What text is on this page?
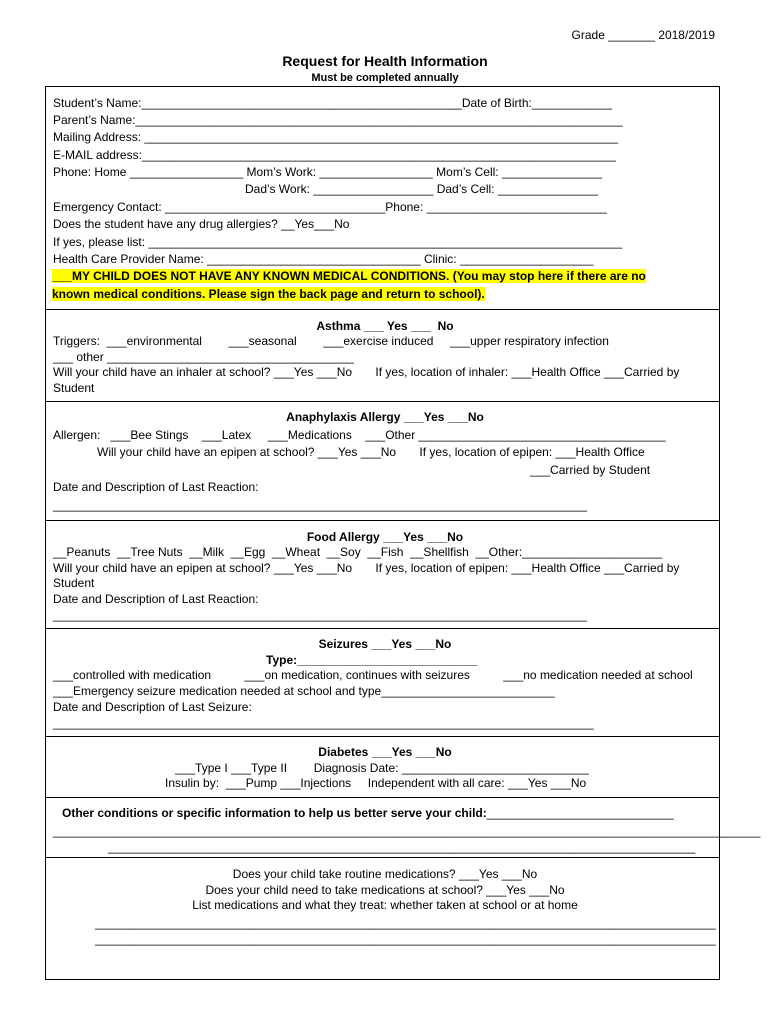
Grade _______ 2018/2019
Request for Health Information
Must be completed annually
Student’s Name:________________________________________________Date of Birth:____________
Parent’s Name:_________________________________________________________________________
Mailing Address: _______________________________________________________________________
E-MAIL address:_______________________________________________________________________
Phone: Home _________________ Mom’s Work: _________________ Mom’s Cell: _______________
Dad’s Work: __________________ Dad’s Cell: _______________
Emergency Contact: _________________________________Phone: ___________________________
Does the student have any drug allergies? __Yes___No
If yes, please list: _______________________________________________________________________
Health Care Provider Name: ________________________________ Clinic: ____________________
___MY CHILD DOES NOT HAVE ANY KNOWN MEDICAL CONDITIONS. (You may stop here if there are no
known medical conditions. Please sign the back page and return to school).
Asthma ___ Yes ___  No
Triggers:  ___environmental        ___seasonal        ___exercise induced     ___upper respiratory infection
___ other _____________________________________
Will your child have an inhaler at school? ___Yes ___No       If yes, location of inhaler: ___Health Office ___Carried by
Student
Anaphylaxis Allergy ___Yes ___No
Allergen:   ___Bee Stings    ___Latex     ___Medications    ___Other _____________________________________
Will your child have an epipen at school? ___Yes ___No       If yes, location of epipen: ___Health Office
___Carried by Student
Date and Description of Last Reaction:
________________________________________________________________________________
Food Allergy ___Yes ___No
__Peanuts  __Tree Nuts  __Milk  __Egg  __Wheat  __Soy  __Fish  __Shellfish  __Other:_____________________
Will your child have an epipen at school? ___Yes ___No       If yes, location of epipen: ___Health Office ___Carried by
Student
Date and Description of Last Reaction:
________________________________________________________________________________
Seizures ___Yes ___No
Type:___________________________
___controlled with medication          ___on medication, continues with seizures          ___no medication needed at school
___Emergency seizure medication needed at school and type__________________________
Date and Description of Last Seizure:
_________________________________________________________________________________
Diabetes ___Yes ___No
___Type I ___Type II        Diagnosis Date: ____________________________
Insulin by:  ___Pump ___Injections     Independent with all care: ___Yes ___No
Other conditions or specific information to help us better serve your child:____________________________
__________________________________________________________________________________________________________
________________________________________________________________________________________
Does your child take routine medications? ___Yes ___No
Does your child need to take medications at school? ___Yes ___No
List medications and what they treat: whether taken at school or at home
_____________________________________________________________________________________________
_____________________________________________________________________________________________
